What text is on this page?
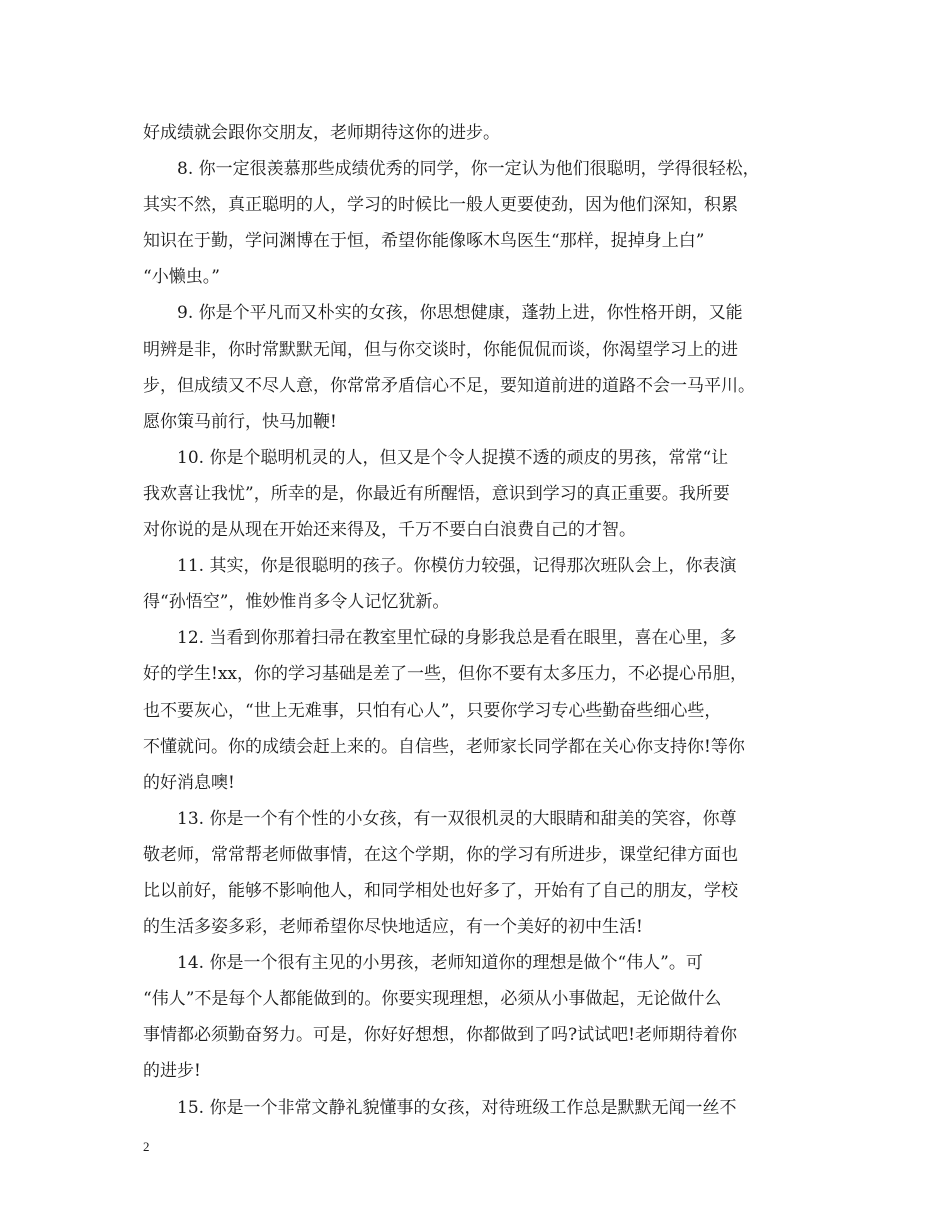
好成绩就会跟你交朋友，老师期待这你的进步。
8. 你一定很羡慕那些成绩优秀的同学，你一定认为他们很聪明，学得很轻松，
其实不然，真正聪明的人，学习的时候比一般人更要使劲，因为他们深知，积累
知识在于勤，学问渊博在于恒，希望你能像啄木鸟医生“那样，捉掉身上白”
“小懒虫。”
9. 你是个平凡而又朴实的女孩，你思想健康，蓬勃上进，你性格开朗，又能
明辨是非，你时常默默无闻，但与你交谈时，你能侃侃而谈，你渴望学习上的进
步，但成绩又不尽人意，你常常矛盾信心不足，要知道前进的道路不会一马平川。
愿你策马前行，快马加鞭!
10. 你是个聪明机灵的人，但又是个令人捉摸不透的顽皮的男孩，常常“让
我欢喜让我忧”，所幸的是，你最近有所醒悟，意识到学习的真正重要。我所要
对你说的是从现在开始还来得及，千万不要白白浪费自己的才智。
11. 其实，你是很聪明的孩子。你模仿力较强，记得那次班队会上，你表演
得“孙悟空”，惟妙惟肖多令人记忆犹新。
12. 当看到你那着扫帚在教室里忙碌的身影我总是看在眼里，喜在心里，多
好的学生!xx，你的学习基础是差了一些，但你不要有太多压力，不必提心吊胆，
也不要灰心，“世上无难事，只怕有心人”，只要你学习专心些勤奋些细心些，
不懂就问。你的成绩会赶上来的。自信些，老师家长同学都在关心你支持你!等你
的好消息噢!
13. 你是一个有个性的小女孩，有一双很机灵的大眼睛和甜美的笑容，你尊
敬老师，常常帮老师做事情，在这个学期，你的学习有所进步，课堂纪律方面也
比以前好，能够不影响他人，和同学相处也好多了，开始有了自己的朋友，学校
的生活多姿多彩，老师希望你尽快地适应，有一个美好的初中生活!
14. 你是一个很有主见的小男孩，老师知道你的理想是做个“伟人”。可
“伟人”不是每个人都能做到的。你要实现理想，必须从小事做起，无论做什么
事情都必须勤奋努力。可是，你好好想想，你都做到了吗?试试吧!老师期待着你
的进步!
15. 你是一个非常文静礼貌懂事的女孩，对待班级工作总是默默无闻一丝不
2
